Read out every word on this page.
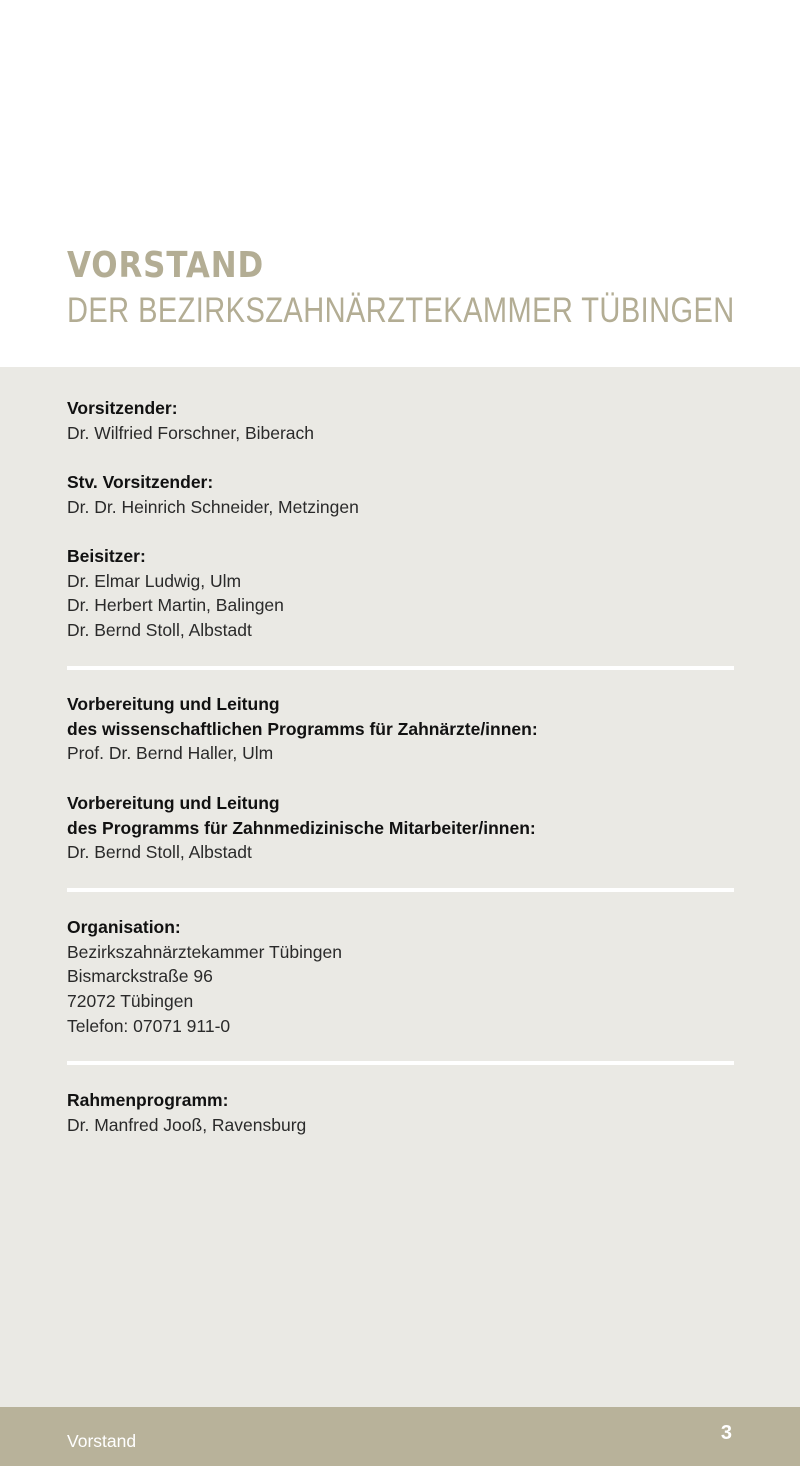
VORSTAND
DER BEZIRKSZAHNÄRZTEKAMMER TÜBINGEN
Vorsitzender:
Dr. Wilfried Forschner, Biberach
Stv. Vorsitzender:
Dr. Dr. Heinrich Schneider, Metzingen
Beisitzer:
Dr. Elmar Ludwig, Ulm
Dr. Herbert Martin, Balingen
Dr. Bernd Stoll, Albstadt
Vorbereitung und Leitung
des wissenschaftlichen Programms für Zahnärzte/innen:
Prof. Dr. Bernd Haller, Ulm
Vorbereitung und Leitung
des Programms für Zahnmedizinische Mitarbeiter/innen:
Dr. Bernd Stoll, Albstadt
Organisation:
Bezirkszahnärztekammer Tübingen
Bismarckstraße 96
72072 Tübingen
Telefon: 07071 911-0
Rahmenprogramm:
Dr. Manfred Jooß, Ravensburg
Vorstand	3
